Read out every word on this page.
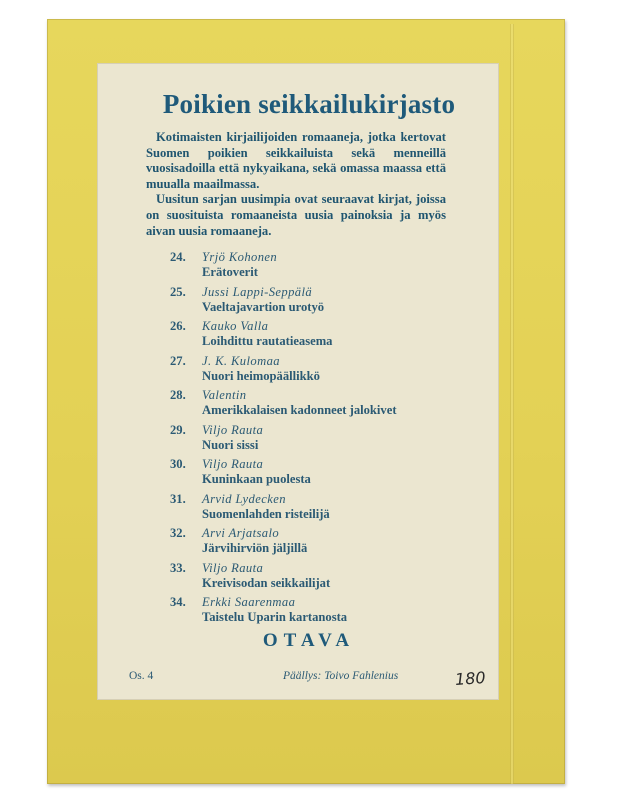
Poikien seikkailukirjasto

Kotimaisten kirjailijoiden romaaneja, jotka kertovat Suomen poikien seikkailuista sekä menneillä vuosisadoilla että nykyaikana, sekä omassa maassa että muualla maailmassa.

Uusitun sarjan uusimpia ovat seuraavat kirjat, joissa on suosituista romaaneista uusia painoksia ja myös aivan uusia romaaneja.

24.	Yrjö Kohonen
Erätoverit
25.	Jussi Lappi-Seppälä
Vaeltajavartion urotyö
26.	Kauko Valla
Loihdittu rautatieasema
27.	J. K. Kulomaa
Nuori heimopäällikkö
28.	Valentin
Amerikkalaisen kadonneet jalokivet
29.	Viljo Rauta
Nuori sissi
30.	Viljo Rauta
Kuninkaan puolesta
31.	Arvid Lydecken
Suomenlahden risteilijä
32.	Arvi Arjatsalo
Järvihirviön jäljillä
33.	Viljo Rauta
Kreivisodan seikkailijat
34.	Erkki Saarenmaa
Taistelu Uparin kartanosta
OTAVA
Os. 4	Päällys: Toivo Fahlenius	180
